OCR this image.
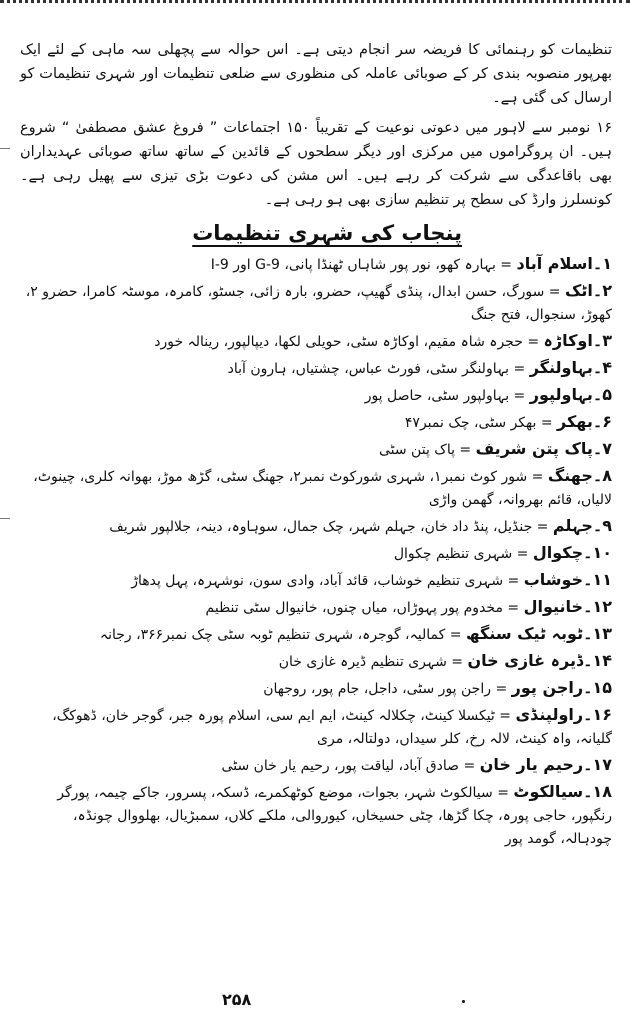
تنظیمات کو رہنمائی کا فریضہ سر انجام دیتی ہے۔ اس حوالہ سے پچھلی سہ ماہی کے لئے ایک بھرپور منصوبہ بندی کر کے صوبائی عاملہ کی منظوری سے ضلعی تنظیمات اور شہری تنظیمات کو ارسال کی گئی ہے۔

۱۶ نومبر سے لاہور میں دعوتی نوعیت کے تقریباً ۱۵۰ اجتماعات ” فروغ عشق مصطفیٰ “ شروع ہیں۔ ان پروگراموں میں مرکزی اور دیگر سطحوں کے قائدین کے ساتھ ساتھ صوبائی عہدیداران بھی باقاعدگی سے شرکت کر رہے ہیں۔ اس مشن کی دعوت بڑی تیزی سے پھیل رہی ہے۔ کونسلرز وارڈ کی سطح پر تنظیم سازی بھی ہو رہی ہے۔

پنجاب کی شہری تنظیمات
۱۔اسلام آباد = بہارہ کھو، نور پور شاہاں ٹھنڈا پانی، G-9 اور I-9
۲۔اٹک = سورگ، حسن ابدال، پنڈی گھیپ، حضرو، بارہ زائی، جسٹو، کامرہ، موسٹہ کامرا، حضرو ۲، کھوڑ، سنجوال، فتح جنگ
۳۔اوکاڑہ = حجرہ شاہ مقیم، اوکاڑہ سٹی، حویلی لکھا، دیپالپور، رینالہ خورد
۴۔بہاولنگر = بہاولنگر سٹی، فورٹ عباس، چشتیاں، ہارون آباد
۵۔بہاولپور = بہاولپور سٹی، حاصل پور
۶۔بھکر = بھکر سٹی، چک نمبر۴۷
۷۔پاک پتن شریف = پاک پتن سٹی
۸۔جھنگ = شور کوٹ نمبر۱، شہری شورکوٹ نمبر۲، جھنگ سٹی، گڑھ موڑ، بھوانہ کلری، چینوٹ، لالیاں، قائم بھروانہ، گھمن واڑی
۹۔جہلم = جنڈیل، پنڈ داد خان، جہلم شہر، چک جمال، سوہاوہ، دینہ، جلالپور شریف
۱۰۔چکوال = شہری تنظیم چکوال
۱۱۔خوشاب = شہری تنظیم خوشاب، قائد آباد، وادی سون، نوشہرہ، پہل پدھاڑ
۱۲۔خانیوال = مخدوم پور پہوڑاں، میاں چنوں، خانیوال سٹی تنظیم
۱۳۔ٹوبہ ٹیک سنگھ = کمالیہ، گوجرہ، شہری تنظیم ٹوبہ سٹی چک نمبر۳۶۶، رجانہ
۱۴۔ڈیرہ غازی خان = شہری تنظیم ڈیرہ غازی خان
۱۵۔راجن پور = راجن پور سٹی، داجل، جام پور، روجھان
۱۶۔راولپنڈی = ٹیکسلا کینٹ، چکلالہ کینٹ، ایم ایم سی، اسلام پورہ جبر، گوجر خان، ڈھوکگ، گلیانہ، واہ کینٹ، لالہ رخ، کلر سیداں، دولتالہ، مری
۱۷۔رحیم یار خان = صادق آباد، لیاقت پور، رحیم یار خان سٹی
۱۸۔سیالکوٹ = سیالکوٹ شہر، بجوات، موضع کوٹھکمرے، ڈسکہ، پسرور، جاکے چیمہ، پورگر رنگپور، حاجی پورہ، چکا گڑھا، چٹی حسیخاں، کیوروالی، ملکے کلاں، سمبڑیال، بھلووال چونڈہ، چودہالہ، گومد پور
۲۵۸
